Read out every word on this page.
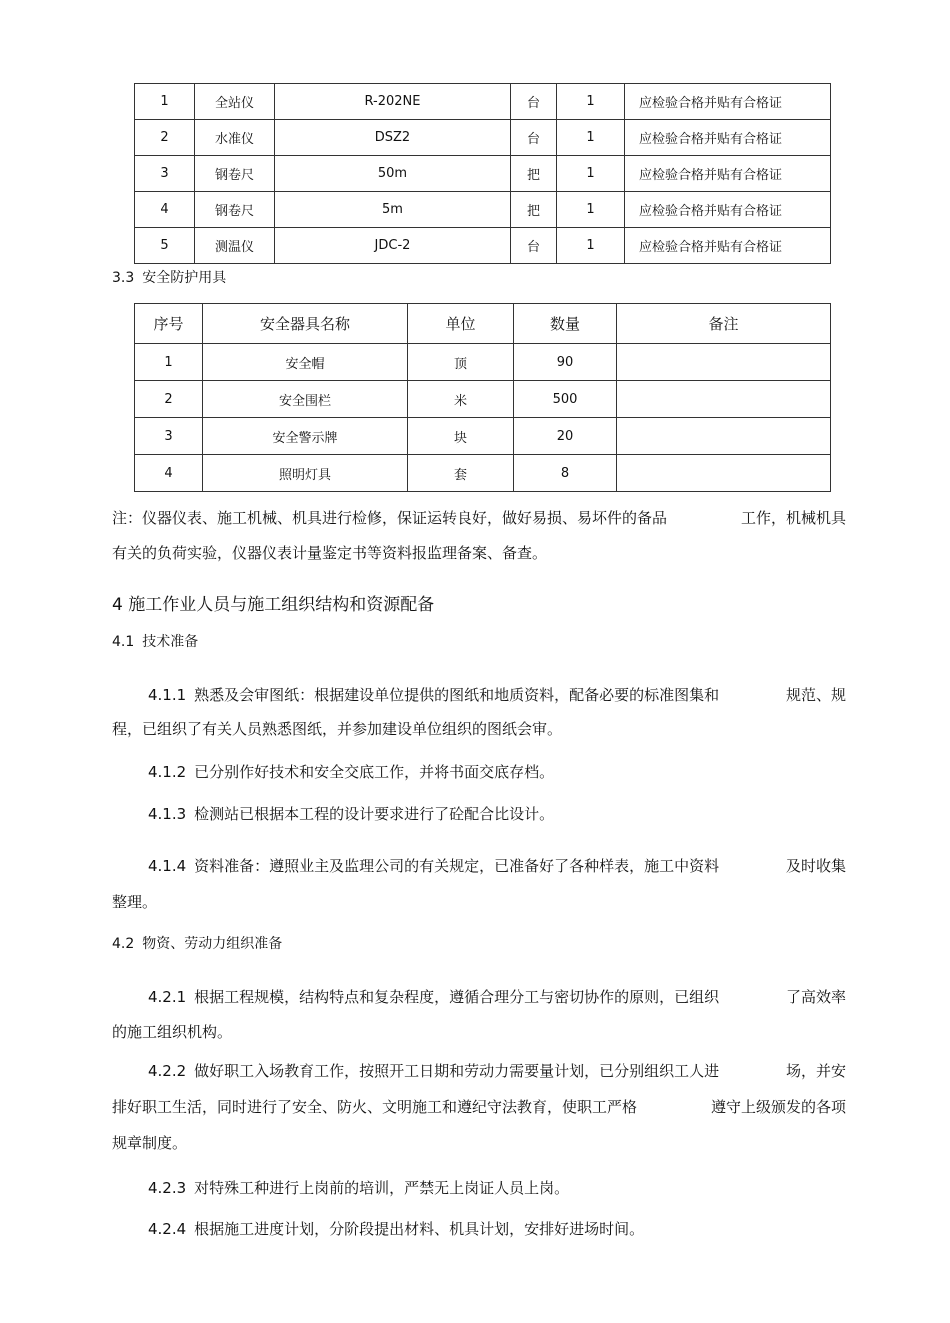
1	全站仪	R-202NE	台	1	应检验合格并贴有合格证
2	水准仪	DSZ2	台	1	应检验合格并贴有合格证
3	钢卷尺	50m	把	1	应检验合格并贴有合格证
4	钢卷尺	5m	把	1	应检验合格并贴有合格证
5	测温仪	JDC-2	台	1	应检验合格并贴有合格证
3.3 安全防护用具
序号	安全器具名称	单位	数量	备注
1	安全帽	顶	90	
2	安全围栏	米	500	
3	安全警示牌	块	20	
4	照明灯具	套	8	
注：仪器仪表、施工机械、机具进行检修，保证运转良好，做好易损、易坏件的备品	工作，机械机具
有关的负荷实验，仪器仪表计量鉴定书等资料报监理备案、备查。
4 施工作业人员与施工组织结构和资源配备
4.1 技术准备
4.1.1 熟悉及会审图纸：根据建设单位提供的图纸和地质资料，配备必要的标准图集和	规范、规
程，已组织了有关人员熟悉图纸，并参加建设单位组织的图纸会审。
4.1.2 已分别作好技术和安全交底工作，并将书面交底存档。
4.1.3 检测站已根据本工程的设计要求进行了砼配合比设计。
4.1.4 资料准备：遵照业主及监理公司的有关规定，已准备好了各种样表，施工中资料	及时收集
整理。
4.2 物资、劳动力组织准备
4.2.1 根据工程规模，结构特点和复杂程度，遵循合理分工与密切协作的原则，已组织	了高效率
的施工组织机构。
4.2.2 做好职工入场教育工作，按照开工日期和劳动力需要量计划，已分别组织工人进	场，并安
排好职工生活，同时进行了安全、防火、文明施工和遵纪守法教育，使职工严格	遵守上级颁发的各项
规章制度。
4.2.3 对特殊工种进行上岗前的培训，严禁无上岗证人员上岗。
4.2.4 根据施工进度计划，分阶段提出材料、机具计划，安排好进场时间。
